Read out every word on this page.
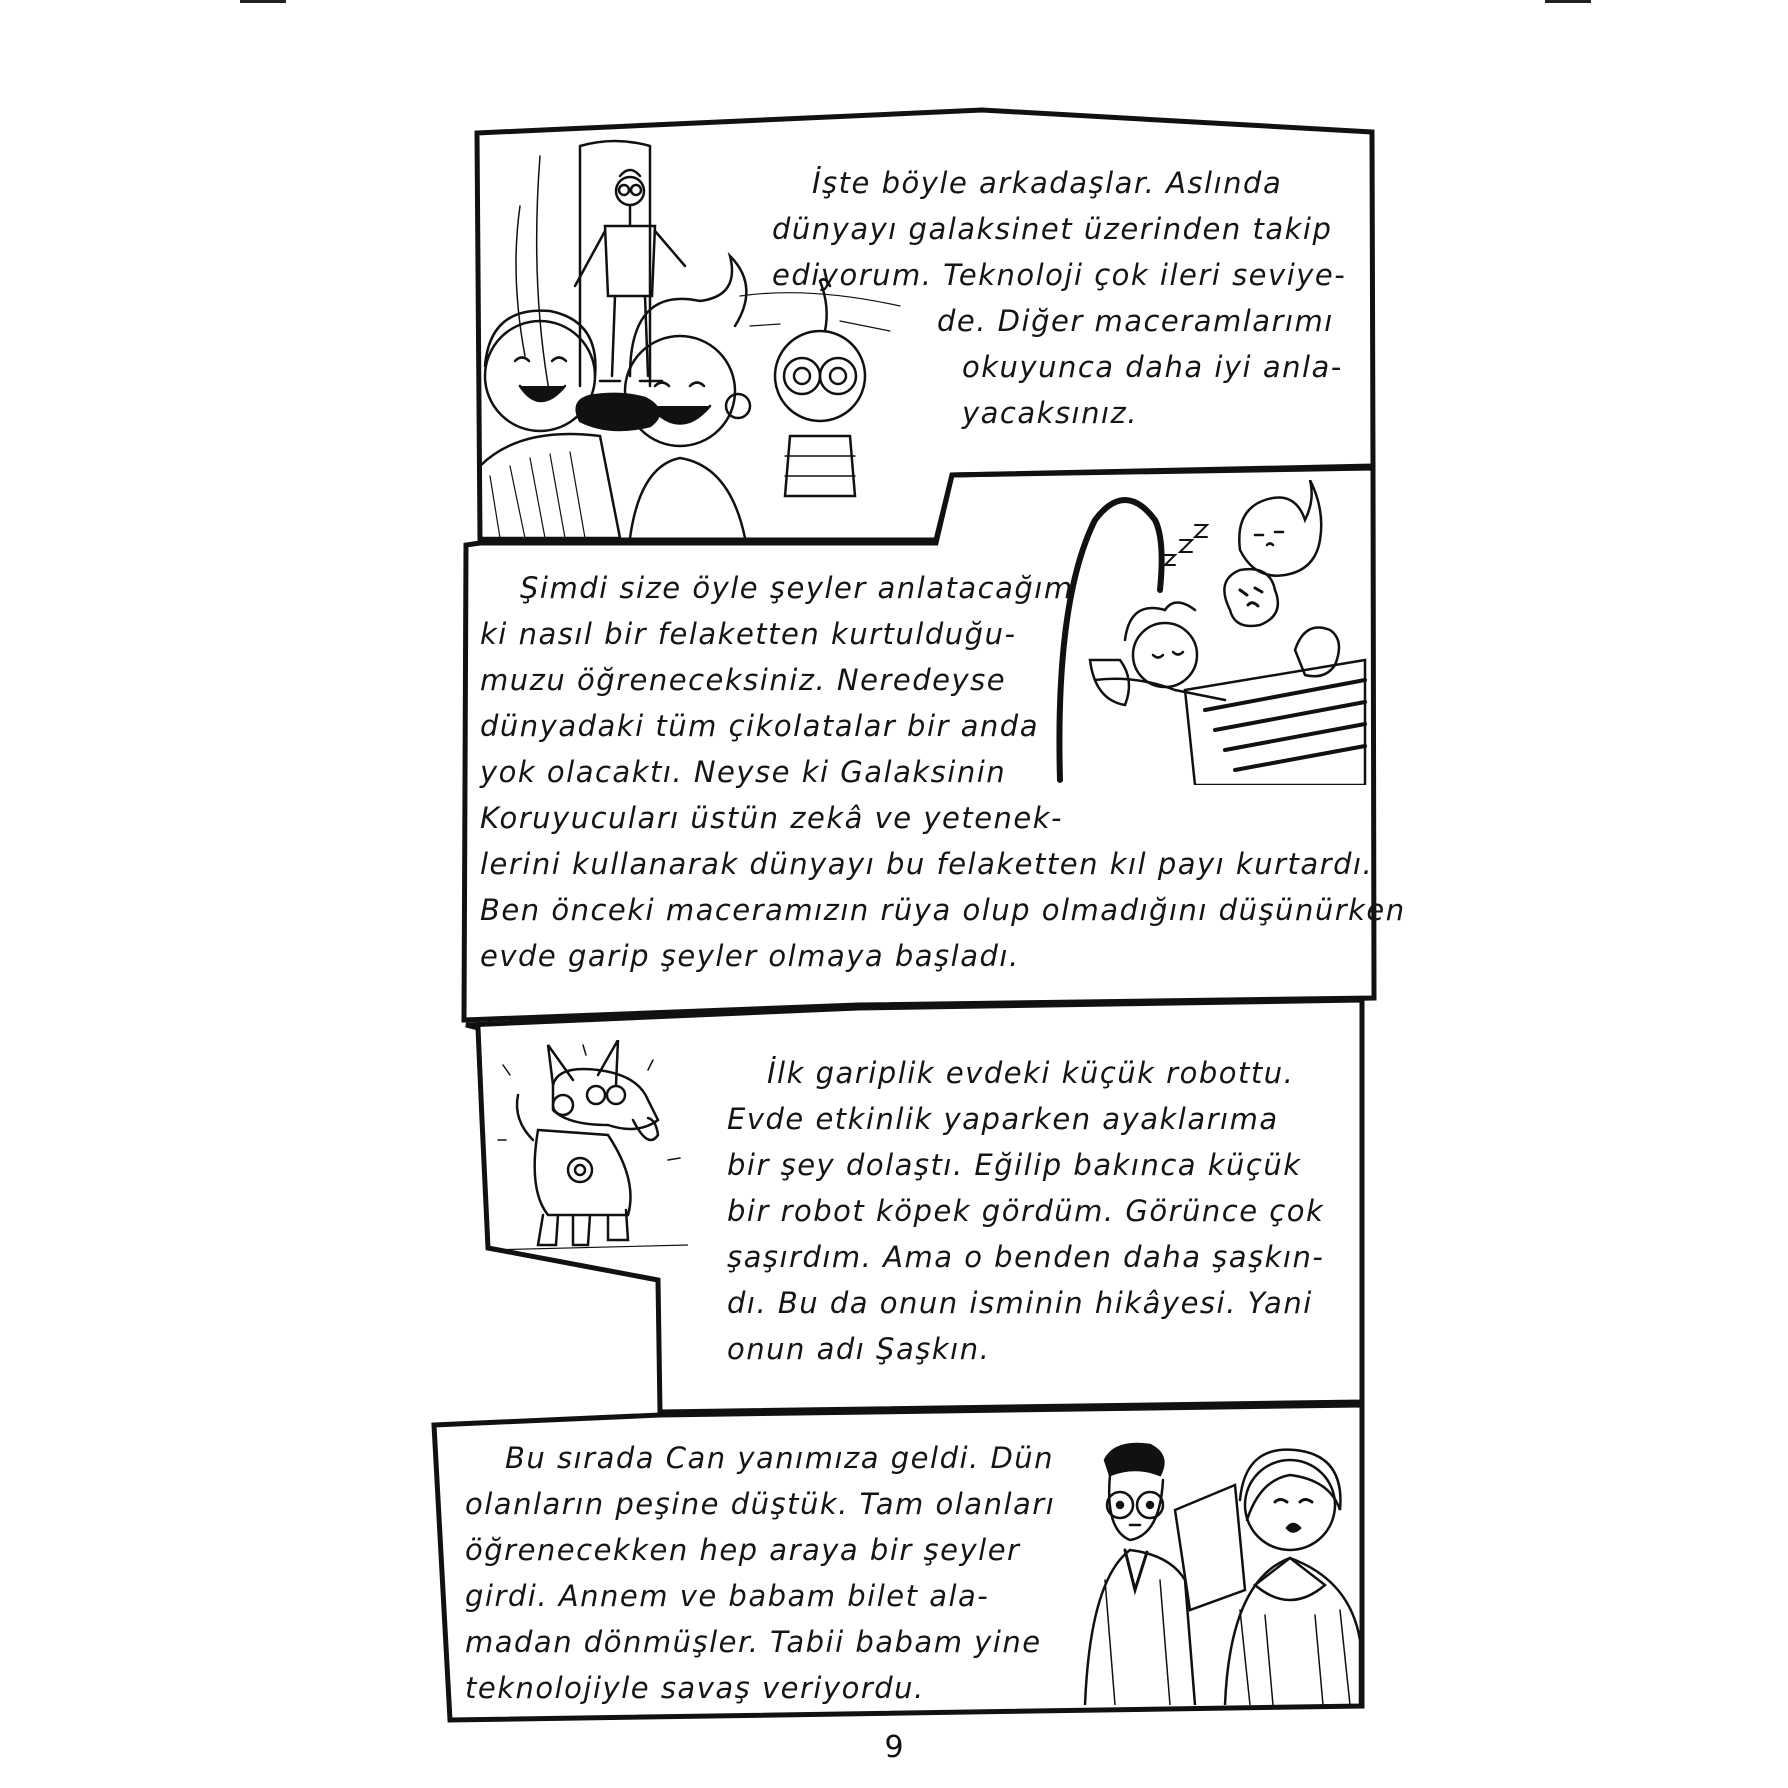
İşte böyle arkadaşlar. Aslında
dünyayı galaksinet üzerinden takip
ediyorum. Teknoloji çok ileri seviye-
de. Diğer maceramlarımı
okuyunca daha iyi anla-
yacaksınız.
Şimdi size öyle şeyler anlatacağım
ki nasıl bir felaketten kurtulduğu-
muzu öğreneceksiniz. Neredeyse
dünyadaki tüm çikolatalar bir anda
yok olacaktı. Neyse ki Galaksinin
Koruyucuları üstün zekâ ve yetenek-
lerini kullanarak dünyayı bu felaketten kıl payı kurtardı.
Ben önceki maceramızın rüya olup olmadığını düşünürken
evde garip şeyler olmaya başladı.
İlk gariplik evdeki küçük robottu.
Evde etkinlik yaparken ayaklarıma
bir şey dolaştı. Eğilip bakınca küçük
bir robot köpek gördüm. Görünce çok
şaşırdım. Ama o benden daha şaşkın-
dı. Bu da onun isminin hikâyesi. Yani
onun adı Şaşkın.
Bu sırada Can yanımıza geldi. Dün
olanların peşine düştük. Tam olanları
öğrenecekken hep araya bir şeyler
girdi. Annem ve babam bilet ala-
madan dönmüşler. Tabii babam yine
teknolojiyle savaş veriyordu.
9
